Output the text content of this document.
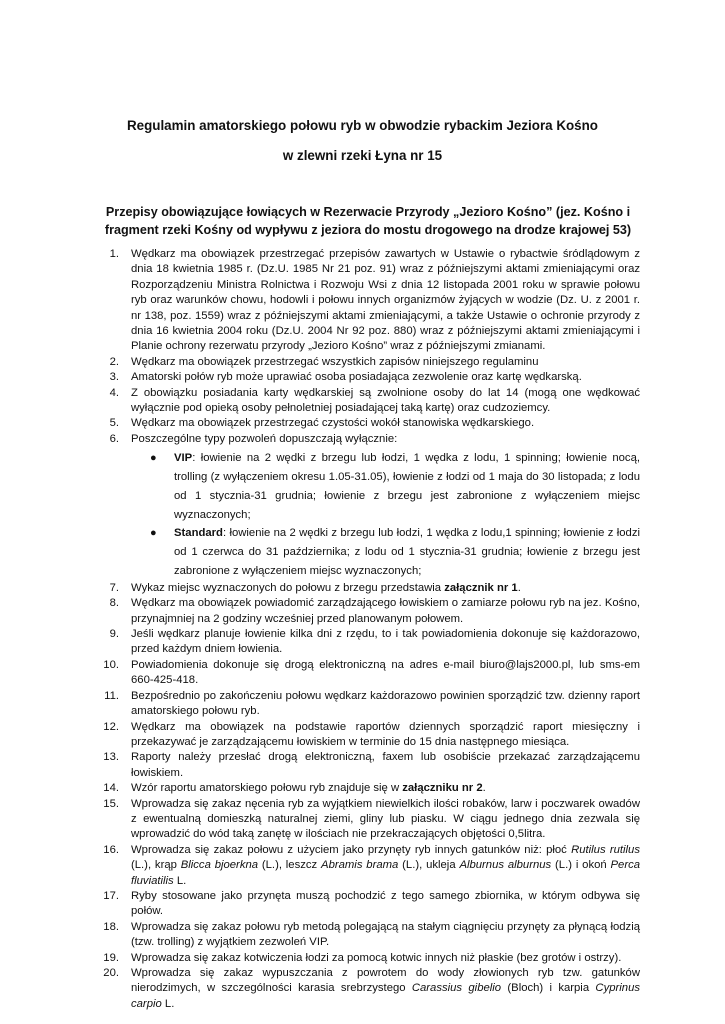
Regulamin amatorskiego połowu ryb w obwodzie rybackim Jeziora Kośno

w zlewni rzeki Łyna nr 15

Przepisy obowiązujące łowiących w Rezerwacie Przyrody „Jezioro Kośno” (jez. Kośno i fragment rzeki Kośny od wypływu z jeziora do mostu drogowego na drodze krajowej 53)

1. Wędkarz ma obowiązek przestrzegać przepisów zawartych w Ustawie o rybactwie śródlądowym z dnia 18 kwietnia 1985 r. (Dz.U. 1985 Nr 21 poz. 91) wraz z późniejszymi aktami zmieniającymi oraz Rozporządzeniu Ministra Rolnictwa i Rozwoju Wsi z dnia 12 listopada 2001 roku w sprawie połowu ryb oraz warunków chowu, hodowli i połowu innych organizmów żyjących w wodzie (Dz. U. z 2001 r. nr 138, poz. 1559) wraz z późniejszymi aktami zmieniającymi, a także Ustawie o ochronie przyrody z dnia 16 kwietnia 2004 roku (Dz.U. 2004 Nr 92 poz. 880) wraz z późniejszymi aktami zmieniającymi i Planie ochrony rezerwatu przyrody „Jezioro Kośno” wraz z późniejszymi zmianami.

2. Wędkarz ma obowiązek przestrzegać wszystkich zapisów niniejszego regulaminu

3. Amatorski połów ryb może uprawiać osoba posiadająca zezwolenie oraz kartę wędkarską.

4. Z obowiązku posiadania karty wędkarskiej są zwolnione osoby do lat 14 (mogą one wędkować wyłącznie pod opieką osoby pełnoletniej posiadającej taką kartę) oraz cudzoziemcy.

5. Wędkarz ma obowiązek przestrzegać czystości wokół stanowiska wędkarskiego.

6. Poszczególne typy pozwoleń dopuszczają wyłącznie:

● VIP: łowienie na 2 wędki z brzegu lub łodzi, 1 wędka z lodu, 1 spinning; łowienie nocą, trolling (z wyłączeniem okresu 1.05-31.05), łowienie z łodzi od 1 maja do 30 listopada; z lodu od 1 stycznia-31 grudnia; łowienie z brzegu jest zabronione z wyłączeniem miejsc wyznaczonych;
● Standard: łowienie na 2 wędki z brzegu lub łodzi, 1 wędka z lodu,1 spinning; łowienie z łodzi od 1 czerwca do 31 października; z lodu od 1 stycznia-31 grudnia; łowienie z brzegu jest zabronione z wyłączeniem miejsc wyznaczonych;
7. Wykaz miejsc wyznaczonych do połowu z brzegu przedstawia załącznik nr 1.

8. Wędkarz ma obowiązek powiadomić zarządzającego łowiskiem o zamiarze połowu ryb na jez. Kośno, przynajmniej na 2 godziny wcześniej przed planowanym połowem.

9. Jeśli wędkarz planuje łowienie kilka dni z rzędu, to i tak powiadomienia dokonuje się każdorazowo, przed każdym dniem łowienia.

10. Powiadomienia dokonuje się drogą elektroniczną na adres e-mail biuro@lajs2000.pl, lub sms-em 660-425-418.

11. Bezpośrednio po zakończeniu połowu wędkarz każdorazowo powinien sporządzić tzw. dzienny raport amatorskiego połowu ryb.

12. Wędkarz ma obowiązek na podstawie raportów dziennych sporządzić raport miesięczny i przekazywać je zarządzającemu łowiskiem w terminie do 15 dnia następnego miesiąca.

13. Raporty należy przesłać drogą elektroniczną, faxem lub osobiście przekazać zarządzającemu łowiskiem.

14. Wzór raportu amatorskiego połowu ryb znajduje się w załączniku nr 2.

15. Wprowadza się zakaz nęcenia ryb za wyjątkiem niewielkich ilości robaków, larw i poczwarek owadów z ewentualną domieszką naturalnej ziemi, gliny lub piasku. W ciągu jednego dnia zezwala się wprowadzić do wód taką zanętę w ilościach nie przekraczających objętości 0,5litra.

16. Wprowadza się zakaz połowu z użyciem jako przynęty ryb innych gatunków niż: płoć Rutilus rutilus (L.), krąp Blicca bjoerkna (L.), leszcz Abramis brama (L.), ukleja Alburnus alburnus (L.) i okoń Perca fluviatilis L.

17. Ryby stosowane jako przynęta muszą pochodzić z tego samego zbiornika, w którym odbywa się połów.

18. Wprowadza się zakaz połowu ryb metodą polegającą na stałym ciągnięciu przynęty za płynącą łodzią (tzw. trolling) z wyjątkiem zezwoleń VIP.

19. Wprowadza się zakaz kotwiczenia łodzi za pomocą kotwic innych niż płaskie (bez grotów i ostrzy).

20. Wprowadza się zakaz wypuszczania z powrotem do wody złowionych ryb tzw. gatunków nierodzimych, w szczególności karasia srebrzystego Carassius gibelio (Bloch) i karpia Cyprinus carpio L.
